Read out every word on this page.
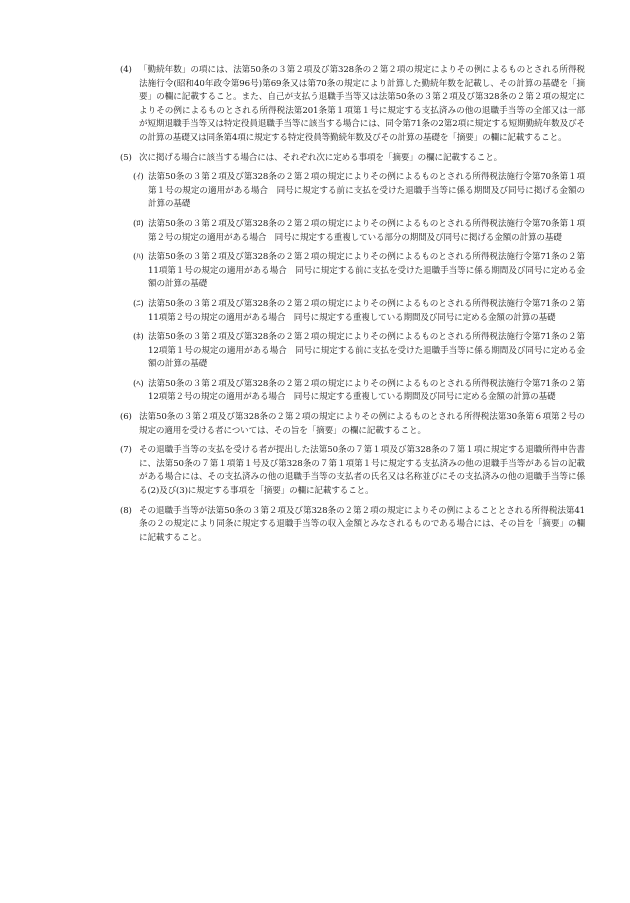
(4) 「勤続年数」の項には、法第50条の３第２項及び第328条の２第２項の規定によりその例によるものとされる所得税法施行令(昭和40年政令第96号)第69条又は第70条の規定により計算した勤続年数を記載し、その計算の基礎を「摘要」の欄に記載すること。また、自己が支払う退職手当等又は法第50条の３第２項及び第328条の２第２項の規定によりその例によるものとされる所得税法第201条第１項第１号に規定する支払済みの他の退職手当等の全部又は一部が短期退職手当等又は特定役員退職手当等に該当する場合には、同令第71条の2第2項に規定する短期勤続年数及びその計算の基礎又は同条第4項に規定する特定役員等勤続年数及びその計算の基礎を「摘要」の欄に記載すること。
(5) 次に掲げる場合に該当する場合には、それぞれ次に定める事項を「摘要」の欄に記載すること。
(ｲ) 法第50条の３第２項及び第328条の２第２項の規定によりその例によるものとされる所得税法施行令第70条第１項第１号の規定の適用がある場合　同号に規定する前に支払を受けた退職手当等に係る期間及び同号に掲げる金額の計算の基礎
(ﾛ) 法第50条の３第２項及び第328条の２第２項の規定によりその例によるものとされる所得税法施行令第70条第１項第２号の規定の適用がある場合　同号に規定する重複している部分の期間及び同号に掲げる金額の計算の基礎
(ﾊ) 法第50条の３第２項及び第328条の２第２項の規定によりその例によるものとされる所得税法施行令第71条の２第11項第１号の規定の適用がある場合　同号に規定する前に支払を受けた退職手当等に係る期間及び同号に定める金額の計算の基礎
(ﾆ) 法第50条の３第２項及び第328条の２第２項の規定によりその例によるものとされる所得税法施行令第71条の２第11項第２号の規定の適用がある場合　同号に規定する重複している期間及び同号に定める金額の計算の基礎
(ﾎ) 法第50条の３第２項及び第328条の２第２項の規定によりその例によるものとされる所得税法施行令第71条の２第12項第１号の規定の適用がある場合　同号に規定する前に支払を受けた退職手当等に係る期間及び同号に定める金額の計算の基礎
(ﾍ) 法第50条の３第２項及び第328条の２第２項の規定によりその例によるものとされる所得税法施行令第71条の２第12項第２号の規定の適用がある場合　同号に規定する重複している期間及び同号に定める金額の計算の基礎
(6) 法第50条の３第２項及び第328条の２第２項の規定によりその例によるものとされる所得税法第30条第６項第２号の規定の適用を受ける者については、その旨を「摘要」の欄に記載すること。
(7) その退職手当等の支払を受ける者が提出した法第50条の７第１項及び第328条の７第１項に規定する退職所得申告書に、法第50条の７第１項第１号及び第328条の７第１項第１号に規定する支払済みの他の退職手当等がある旨の記載がある場合には、その支払済みの他の退職手当等の支払者の氏名又は名称並びにその支払済みの他の退職手当等に係る(2)及び(3)に規定する事項を「摘要」の欄に記載すること。
(8) その退職手当等が法第50条の３第２項及び第328条の２第２項の規定によりその例によることとされる所得税法第41条の２の規定により同条に規定する退職手当等の収入金額とみなされるものである場合には、その旨を「摘要」の欄に記載すること。
